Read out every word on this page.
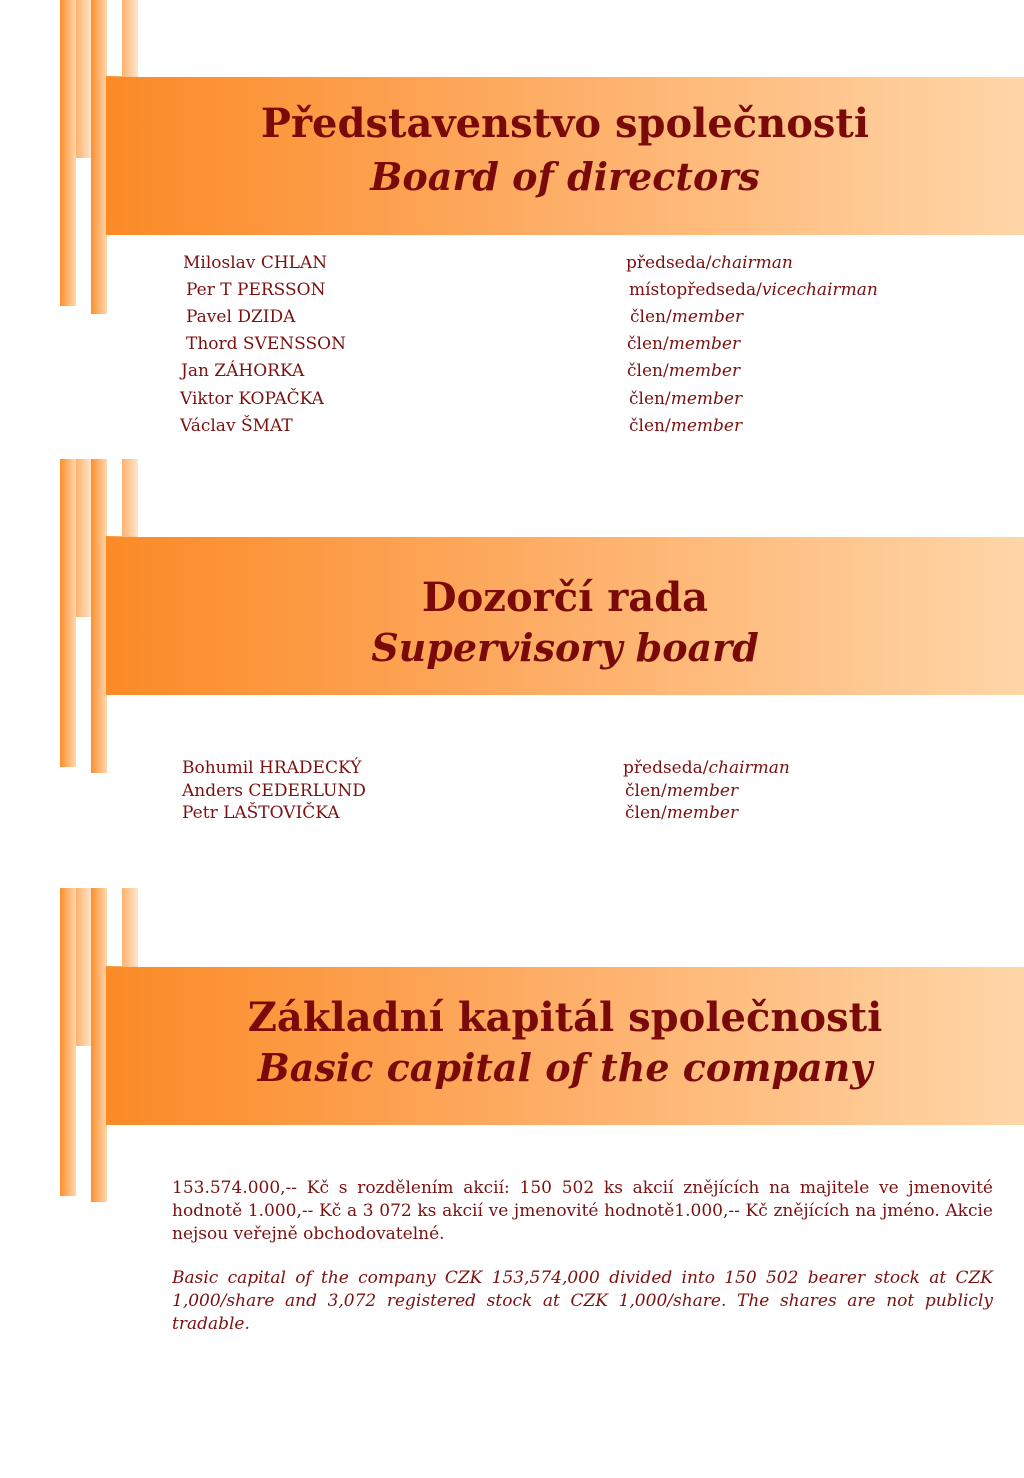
Představenstvo společnosti
Board of directors
Miloslav CHLAN	předseda/chairman
Per T PERSSON	místopředseda/vicechairman
Pavel DZIDA	člen/member
Thord SVENSSON	člen/member
Jan ZÁHORKA	člen/member
Viktor KOPAČKA	člen/member
Václav ŠMAT	člen/member
Dozorčí rada
Supervisory board
Bohumil HRADECKÝ	předseda/chairman
Anders CEDERLUND	člen/member
Petr LAŠTOVIČKA	člen/member
Základní kapitál společnosti
Basic capital of the company
153.574.000,-- Kč s rozdělením akcií: 150 502 ks akcií znějících na majitele ve jmenovité hodnotě 1.000,-- Kč a 3 072 ks akcií ve jmenovité hodnotě1.000,-- Kč znějících na jméno. Akcie nejsou veřejně obchodovatelné.
Basic capital of the company CZK 153,574,000 divided into 150 502 bearer stock at CZK 1,000/share and 3,072 registered stock at CZK 1,000/share. The shares are not publicly tradable.
